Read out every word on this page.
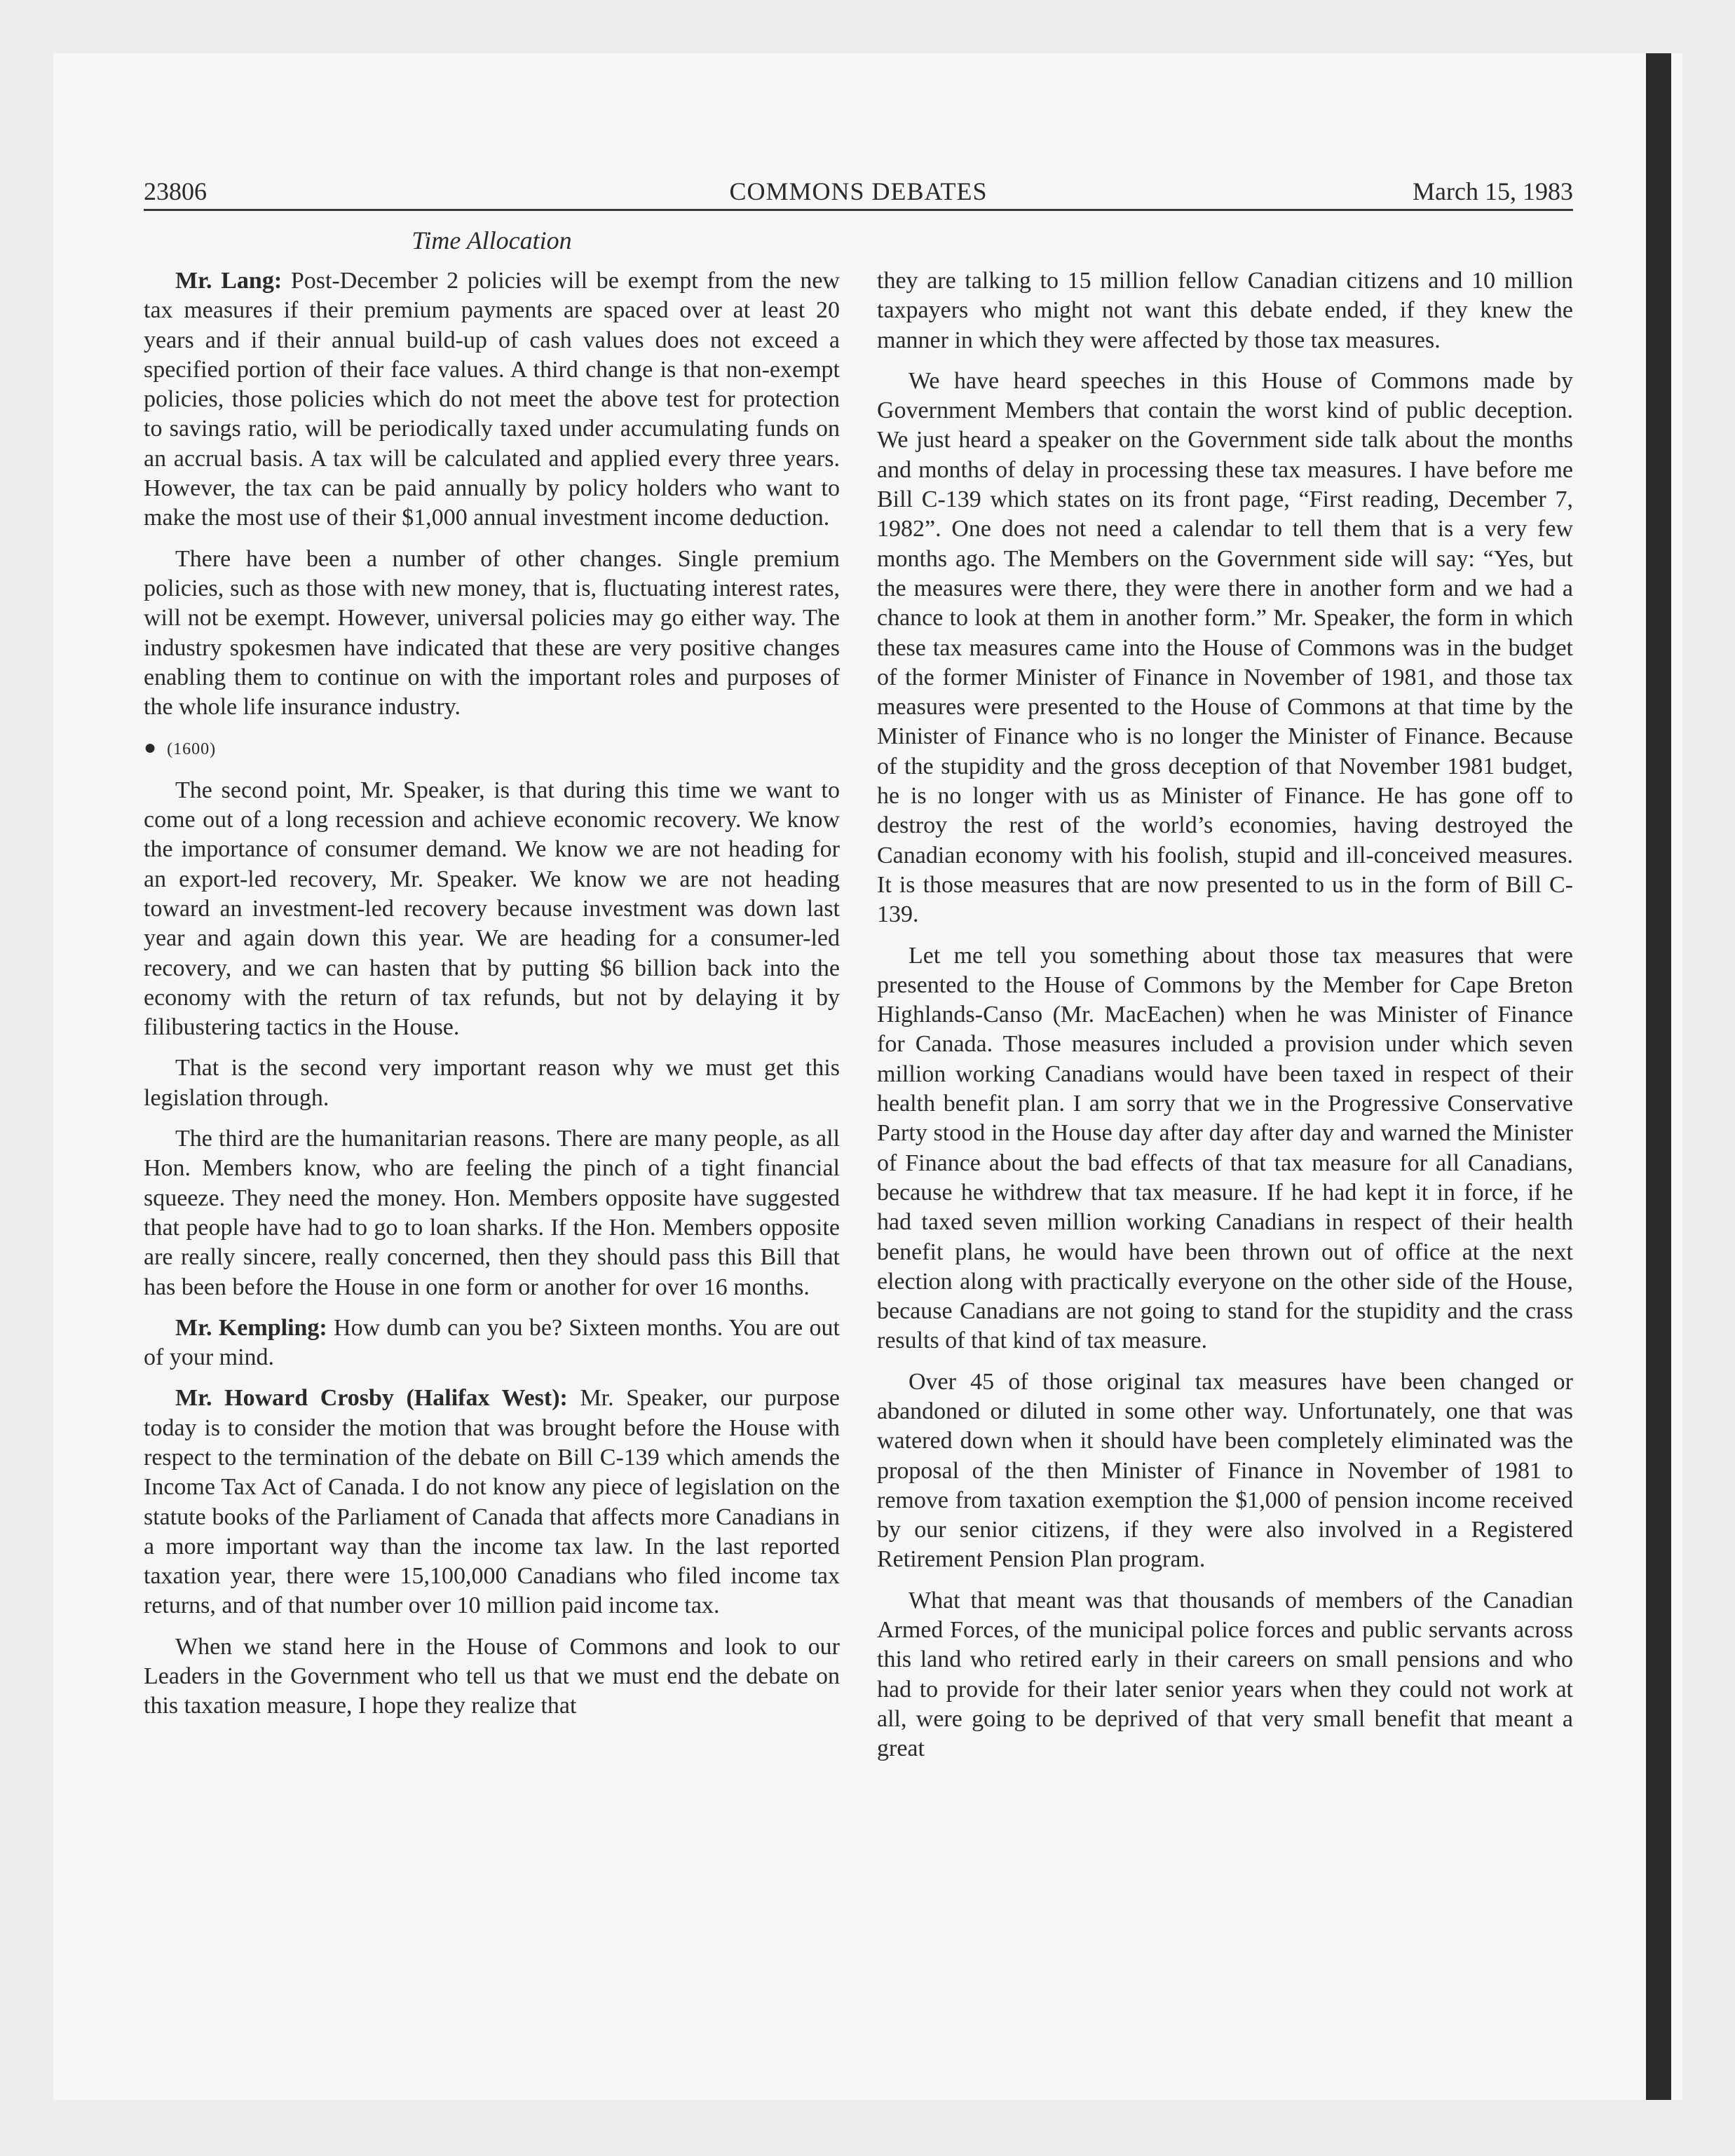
23806	COMMONS DEBATES	March 15, 1983
Time Allocation

Mr. Lang: Post-December 2 policies will be exempt from the new tax measures if their premium payments are spaced over at least 20 years and if their annual build-up of cash values does not exceed a specified portion of their face values. A third change is that non-exempt policies, those policies which do not meet the above test for protection to savings ratio, will be periodically taxed under accumulating funds on an accrual basis. A tax will be calculated and applied every three years. However, the tax can be paid annually by policy holders who want to make the most use of their $1,000 annual investment income deduction.

There have been a number of other changes. Single premium policies, such as those with new money, that is, fluctuating interest rates, will not be exempt. However, universal policies may go either way. The industry spokesmen have indicated that these are very positive changes enabling them to continue on with the important roles and purposes of the whole life insurance industry.

● (1600)

The second point, Mr. Speaker, is that during this time we want to come out of a long recession and achieve economic recovery. We know the importance of consumer demand. We know we are not heading for an export-led recovery, Mr. Speaker. We know we are not heading toward an investment-led recovery because investment was down last year and again down this year. We are heading for a consumer-led recovery, and we can hasten that by putting $6 billion back into the economy with the return of tax refunds, but not by delaying it by filibustering tactics in the House.

That is the second very important reason why we must get this legislation through.

The third are the humanitarian reasons. There are many people, as all Hon. Members know, who are feeling the pinch of a tight financial squeeze. They need the money. Hon. Members opposite have suggested that people have had to go to loan sharks. If the Hon. Members opposite are really sincere, really concerned, then they should pass this Bill that has been before the House in one form or another for over 16 months.

Mr. Kempling: How dumb can you be? Sixteen months. You are out of your mind.

Mr. Howard Crosby (Halifax West): Mr. Speaker, our purpose today is to consider the motion that was brought before the House with respect to the termination of the debate on Bill C-139 which amends the Income Tax Act of Canada. I do not know any piece of legislation on the statute books of the Parliament of Canada that affects more Canadians in a more important way than the income tax law. In the last reported taxation year, there were 15,100,000 Canadians who filed income tax returns, and of that number over 10 million paid income tax.

When we stand here in the House of Commons and look to our Leaders in the Government who tell us that we must end the debate on this taxation measure, I hope they realize that

they are talking to 15 million fellow Canadian citizens and 10 million taxpayers who might not want this debate ended, if they knew the manner in which they were affected by those tax measures.

We have heard speeches in this House of Commons made by Government Members that contain the worst kind of public deception. We just heard a speaker on the Government side talk about the months and months of delay in processing these tax measures. I have before me Bill C-139 which states on its front page, “First reading, December 7, 1982”. One does not need a calendar to tell them that is a very few months ago. The Members on the Government side will say: “Yes, but the measures were there, they were there in another form and we had a chance to look at them in another form.” Mr. Speaker, the form in which these tax measures came into the House of Commons was in the budget of the former Minister of Finance in November of 1981, and those tax measures were presented to the House of Commons at that time by the Minister of Finance who is no longer the Minister of Finance. Because of the stupidity and the gross deception of that November 1981 budget, he is no longer with us as Minister of Finance. He has gone off to destroy the rest of the world’s economies, having destroyed the Canadian economy with his foolish, stupid and ill-conceived measures. It is those measures that are now presented to us in the form of Bill C-139.

Let me tell you something about those tax measures that were presented to the House of Commons by the Member for Cape Breton Highlands-Canso (Mr. MacEachen) when he was Minister of Finance for Canada. Those measures included a provision under which seven million working Canadians would have been taxed in respect of their health benefit plan. I am sorry that we in the Progressive Conservative Party stood in the House day after day after day and warned the Minister of Finance about the bad effects of that tax measure for all Canadians, because he withdrew that tax measure. If he had kept it in force, if he had taxed seven million working Canadians in respect of their health benefit plans, he would have been thrown out of office at the next election along with practically everyone on the other side of the House, because Canadians are not going to stand for the stupidity and the crass results of that kind of tax measure.

Over 45 of those original tax measures have been changed or abandoned or diluted in some other way. Unfortunately, one that was watered down when it should have been completely eliminated was the proposal of the then Minister of Finance in November of 1981 to remove from taxation exemption the $1,000 of pension income received by our senior citizens, if they were also involved in a Registered Retirement Pension Plan program.

What that meant was that thousands of members of the Canadian Armed Forces, of the municipal police forces and public servants across this land who retired early in their careers on small pensions and who had to provide for their later senior years when they could not work at all, were going to be deprived of that very small benefit that meant a great
